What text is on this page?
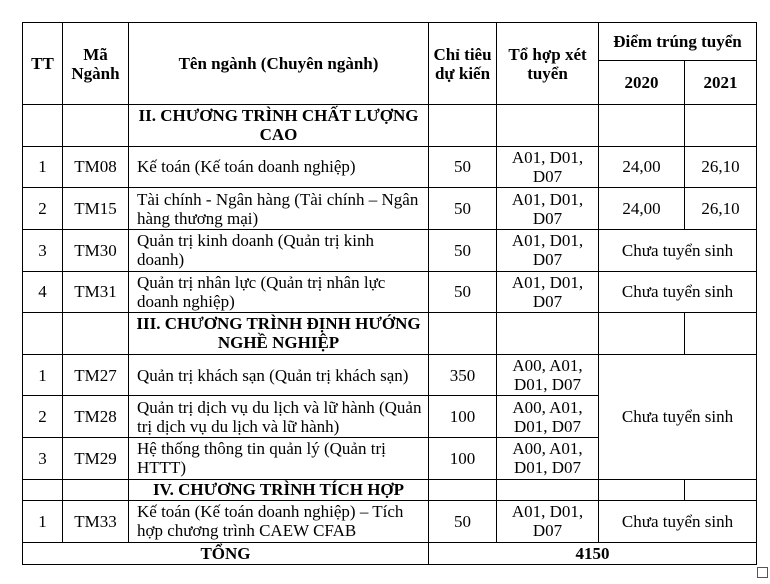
TT	Mã Ngành	Tên ngành (Chuyên ngành)	Chỉ tiêu dự kiến	Tổ hợp xét tuyển	Điểm trúng tuyển	
					2020	2021
		II. CHƯƠNG TRÌNH CHẤT LƯỢNG CAO				
1	TM08	Kế toán (Kế toán doanh nghiệp)	50	A01, D01, D07	24,00	26,10
2	TM15	Tài chính - Ngân hàng (Tài chính – Ngân hàng thương mại)	50	A01, D01, D07	24,00	26,10
3	TM30	Quản trị kinh doanh (Quản trị kinh doanh)	50	A01, D01, D07	Chưa tuyển sinh	
4	TM31	Quản trị nhân lực (Quản trị nhân lực doanh nghiệp)	50	A01, D01, D07	Chưa tuyển sinh	
		III. CHƯƠNG TRÌNH ĐỊNH HƯỚNG NGHỀ NGHIỆP				
1	TM27	Quản trị khách sạn (Quản trị khách sạn)	350	A00, A01, D01, D07	Chưa tuyển sinh	
2	TM28	Quản trị dịch vụ du lịch và lữ hành (Quản trị dịch vụ du lịch và lữ hành)	100	A00, A01, D01, D07		
3	TM29	Hệ thống thông tin quản lý (Quản trị HTTT)	100	A00, A01, D01, D07		
		IV. CHƯƠNG TRÌNH TÍCH HỢP				
1	TM33	Kế toán (Kế toán doanh nghiệp) – Tích hợp chương trình CAEW CFAB	50	A01, D01, D07	Chưa tuyển sinh	
TỔNG			4150			
